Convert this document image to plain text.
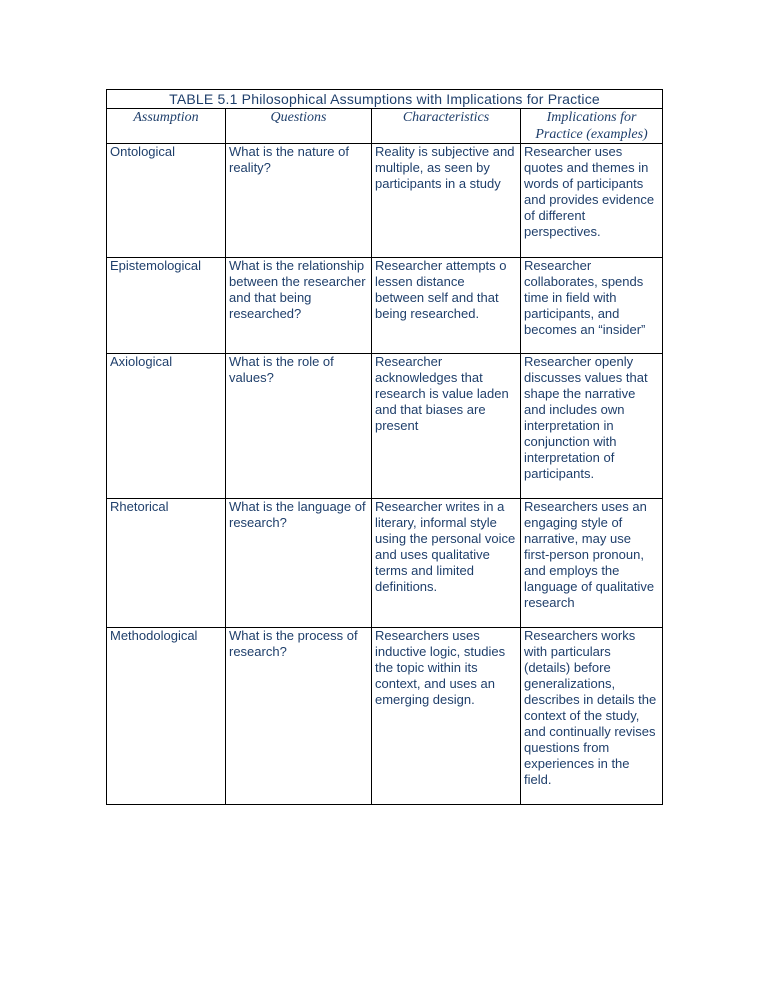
TABLE 5.1 Philosophical Assumptions with Implications for Practice			
Assumption	Questions	Characteristics	Implications for Practice (examples)
Ontological	What is the nature of reality?	Reality is subjective and multiple, as seen by participants in a study	Researcher uses quotes and themes in words of participants and provides evidence of different perspectives.
Epistemological	What is the relationship between the researcher and that being researched?	Researcher attempts o lessen distance between self and that being researched.	Researcher collaborates, spends time in field with participants, and becomes an “insider”
Axiological	What is the role of values?	Researcher acknowledges that research is value laden and that biases are present	Researcher openly discusses values that shape the narrative and includes own interpretation in conjunction with interpretation of participants.
Rhetorical	What is the language of research?	Researcher writes in a literary, informal style using the personal voice and uses qualitative terms and limited definitions.	Researchers uses an engaging style of narrative, may use first-person pronoun, and employs the language of qualitative research
Methodological	What is the process of research?	Researchers uses inductive logic, studies the topic within its context, and uses an emerging design.	Researchers works with particulars (details) before generalizations, describes in details the context of the study, and continually revises questions from experiences in the field.
